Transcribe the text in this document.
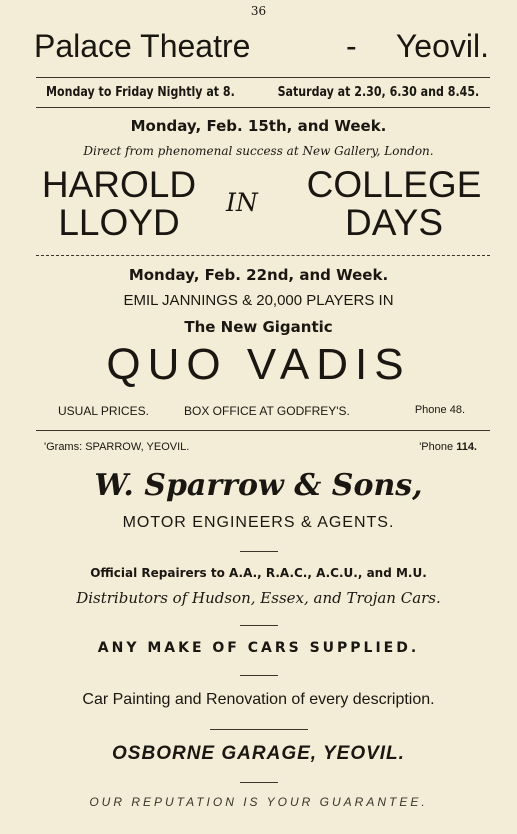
36
Palace Theatre	- Yeovil.
Monday to Friday Nightly at 8.	Saturday at 2.30, 6.30 and 8.45.
Monday, Feb. 15th, and Week.
Direct from phenomenal success at New Gallery, London.
HAROLD
LLOYD	IN COLLEGE
DAYS
Monday, Feb. 22nd, and Week.
EMIL JANNINGS & 20,000 PLAYERS IN
The New Gigantic
QUO VADIS
USUAL PRICES.	BOX OFFICE AT GODFREY'S.	Phone 48.
'Grams: SPARROW, YEOVIL.	'Phone 114.
W. Sparrow & Sons,
MOTOR ENGINEERS & AGENTS.
Official Repairers to A.A., R.A.C., A.C.U., and M.U.
Distributors of Hudson, Essex, and Trojan Cars.
ANY MAKE OF CARS SUPPLIED.
Car Painting and Renovation of every description.
OSBORNE GARAGE, YEOVIL.
OUR REPUTATION IS YOUR GUARANTEE.
